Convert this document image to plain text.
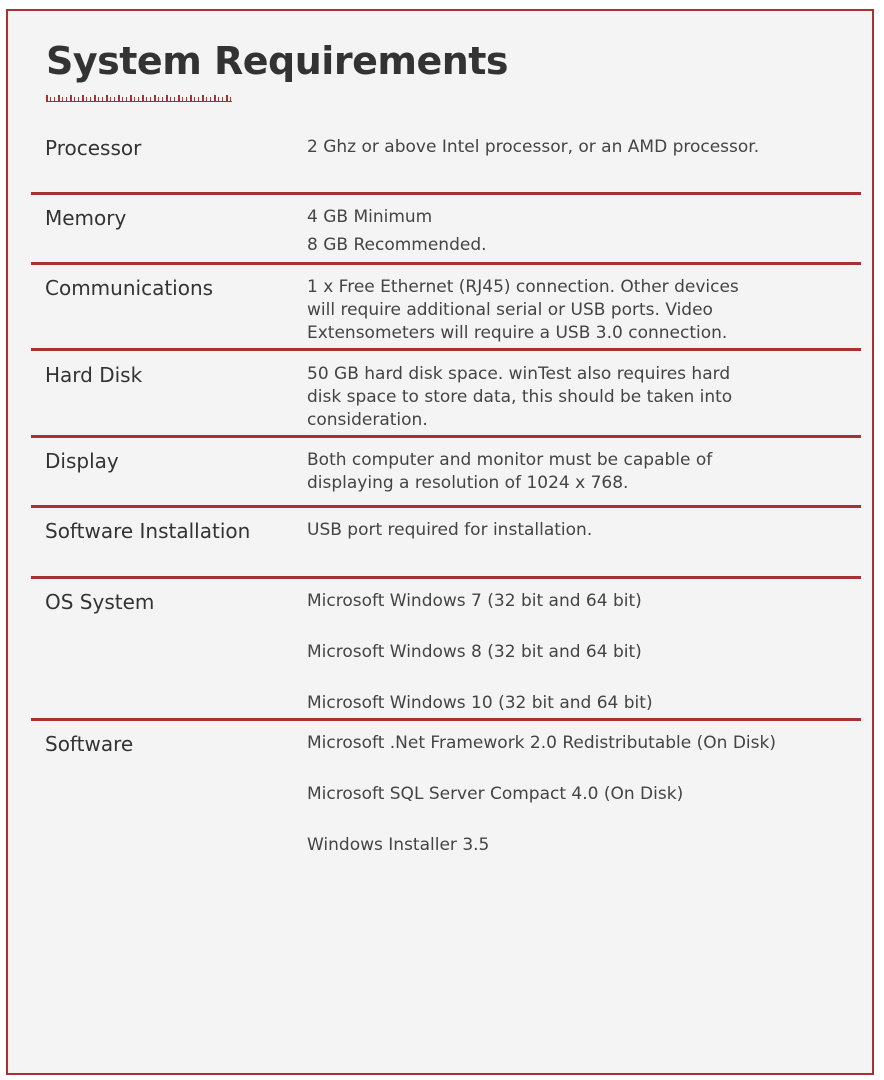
System Requirements
Processor	2 Ghz or above Intel processor, or an AMD processor.
Memory	4 GB Minimum
8 GB Recommended.
Communications	1 x Free Ethernet (RJ45) connection. Other devices
will require additional serial or USB ports. Video
Extensometers will require a USB 3.0 connection.
Hard Disk	50 GB hard disk space. winTest also requires hard
disk space to store data, this should be taken into
consideration.
Display	Both computer and monitor must be capable of
displaying a resolution of 1024 x 768.
Software Installation	USB port required for installation.
OS System	Microsoft Windows 7 (32 bit and 64 bit)
Microsoft Windows 8 (32 bit and 64 bit)
Microsoft Windows 10 (32 bit and 64 bit)
Software	Microsoft .Net Framework 2.0 Redistributable (On Disk)
Microsoft SQL Server Compact 4.0 (On Disk)
Windows Installer 3.5
